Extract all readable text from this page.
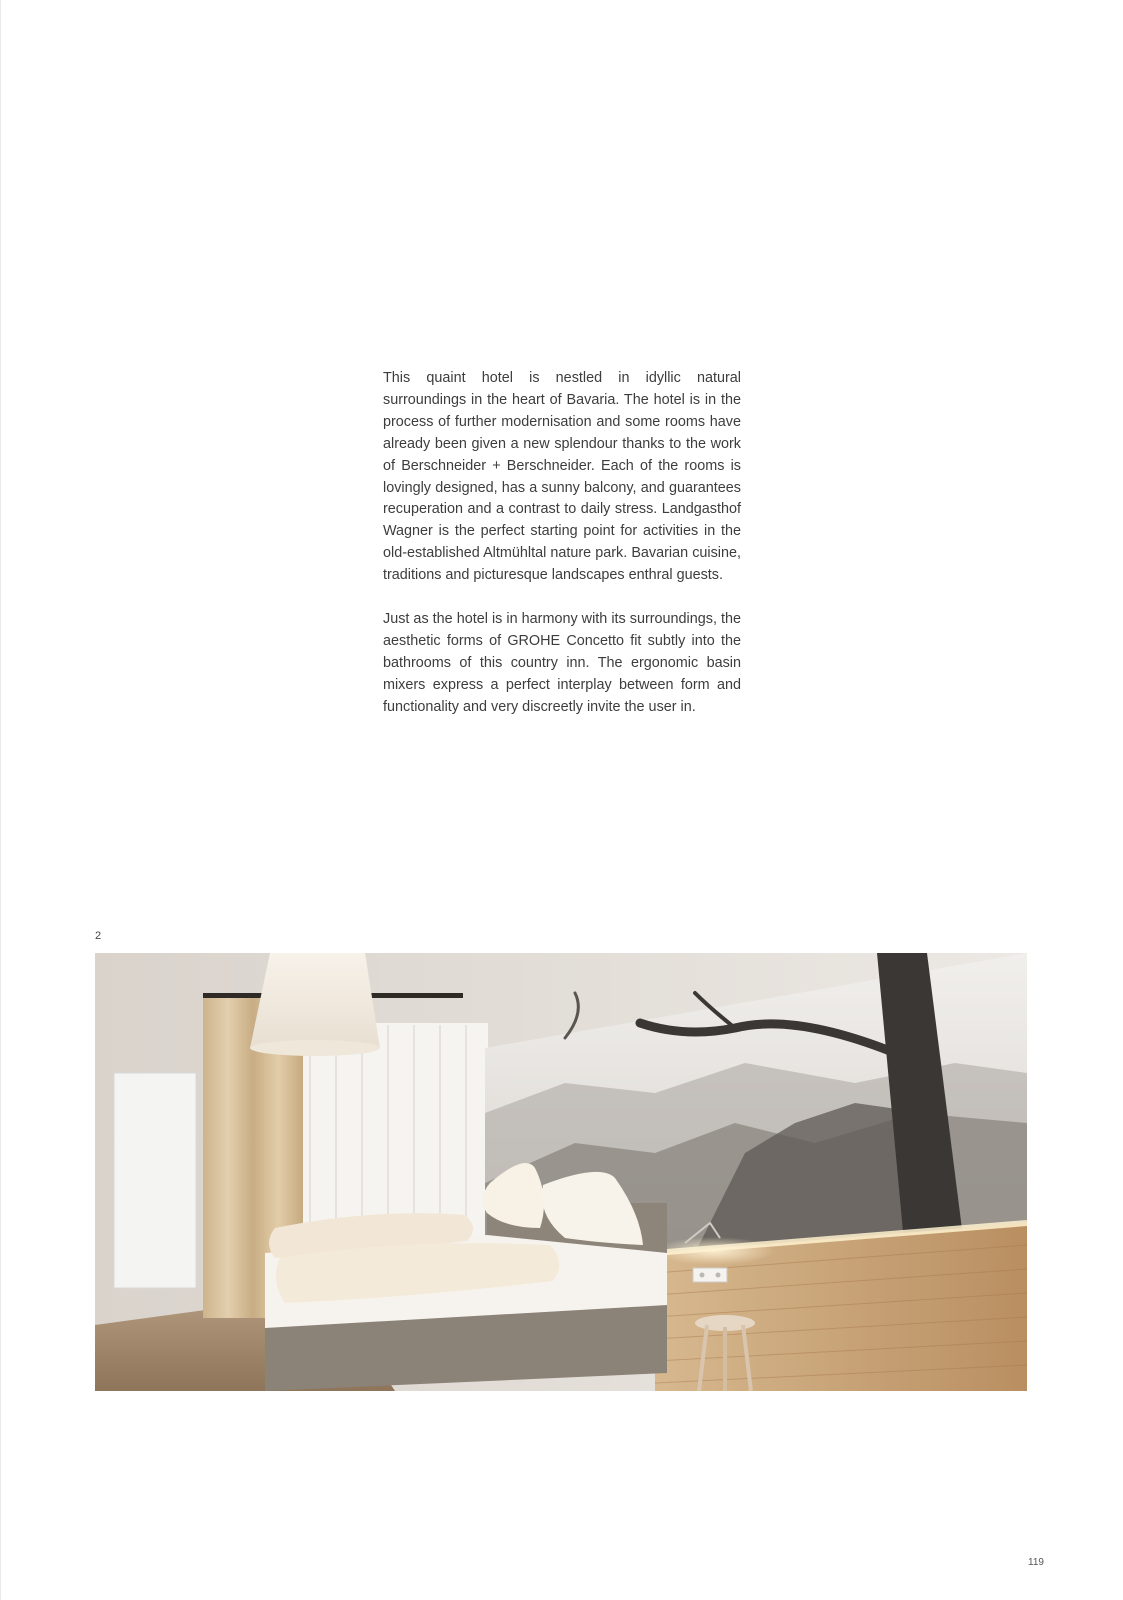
This quaint hotel is nestled in idyllic natural surroundings in the heart of Bavaria. The hotel is in the process of further modernisation and some rooms have already been given a new splendour thanks to the work of Berschneider + Berschneider. Each of the rooms is lovingly designed, has a sunny balcony, and guarantees recuperation and a contrast to daily stress. Landgasthof Wagner is the perfect starting point for activities in the old-established Altmühltal nature park. Bavarian cuisine, traditions and picturesque landscapes enthral guests.

Just as the hotel is in harmony with its surroundings, the aesthetic forms of GROHE Concetto fit subtly into the bathrooms of this country inn. The ergonomic basin mixers express a perfect interplay between form and functionality and very discreetly invite the user in.

2
119
